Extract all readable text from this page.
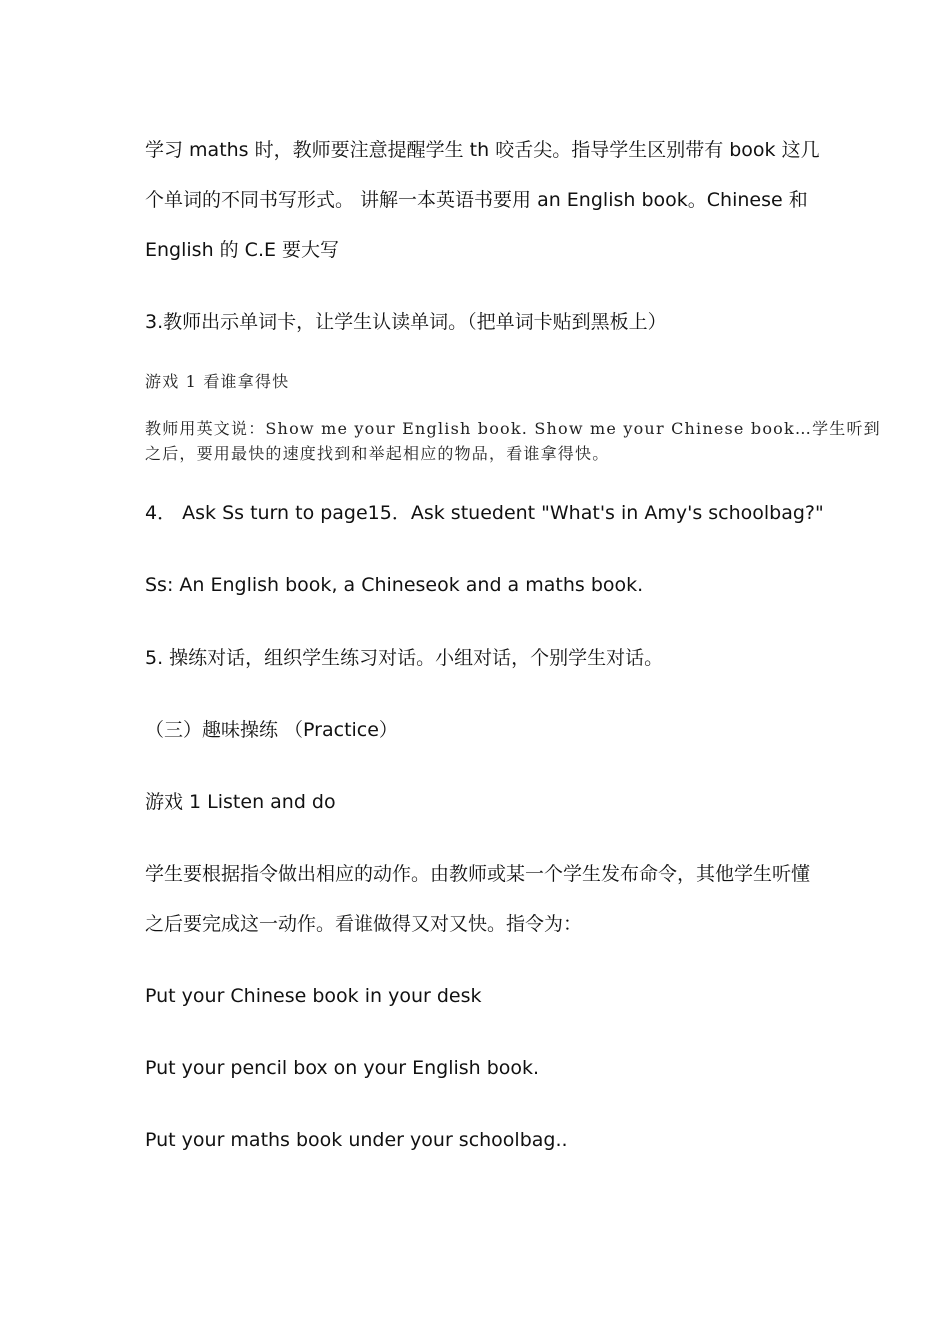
学习 maths 时，教师要注意提醒学生 th 咬舌尖。指导学生区别带有 book 这几
个单词的不同书写形式。 讲解一本英语书要用 an English book。Chinese 和
English 的 C.E 要大写
3.教师出示单词卡，让学生认读单词。（把单词卡贴到黑板上）
游戏 1 看谁拿得快
教师用英文说：Show me your English book. Show me your Chinese book…学生听到
之后，要用最快的速度找到和举起相应的物品，看谁拿得快。
4． Ask Ss turn to page15．Ask stuedent "What's in Amy's schoolbag?"
Ss: An English book, a Chineseok and a maths book.
5. 操练对话，组织学生练习对话。小组对话，个别学生对话。
（三）趣味操练 （Practice）
游戏 1 Listen and do
学生要根据指令做出相应的动作。由教师或某一个学生发布命令，其他学生听懂
之后要完成这一动作。看谁做得又对又快。指令为：
Put your Chinese book in your desk
Put your pencil box on your English book.
Put your maths book under your schoolbag..
